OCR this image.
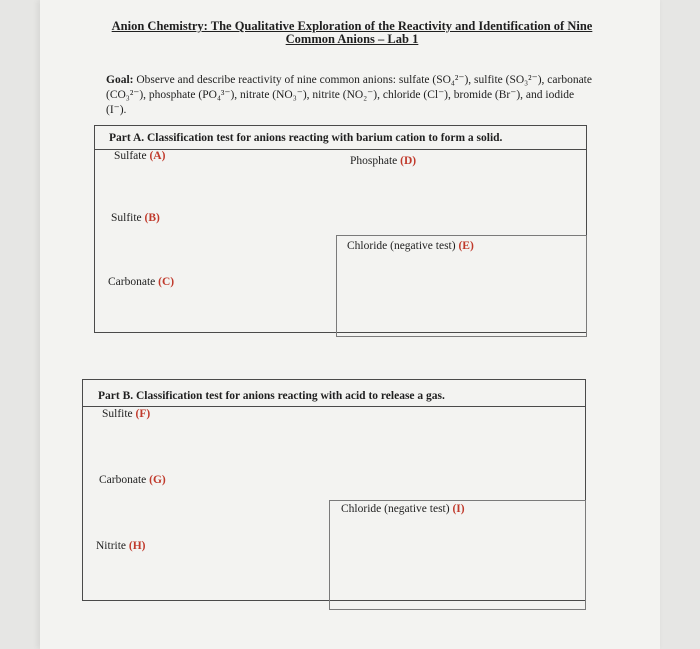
Anion Chemistry: The Qualitative Exploration of the Reactivity and Identification of Nine
Common Anions – Lab 1
Goal: Observe and describe reactivity of nine common anions: sulfate (SO₄²⁻), sulfite (SO₃²⁻), carbonate
(CO₃²⁻), phosphate (PO₄³⁻), nitrate (NO₃⁻), nitrite (NO₂⁻), chloride (Cl⁻), bromide (Br⁻), and iodide (I⁻).
Part A. Classification test for anions reacting with barium cation to form a solid.
Sulfate (A)	Phosphate (D)
Sulfite (B)
Chloride (negative test) (E)
Carbonate (C)
Part B. Classification test for anions reacting with acid to release a gas.
Sulfite (F)
Carbonate (G)
Chloride (negative test) (I)
Nitrite (H)
